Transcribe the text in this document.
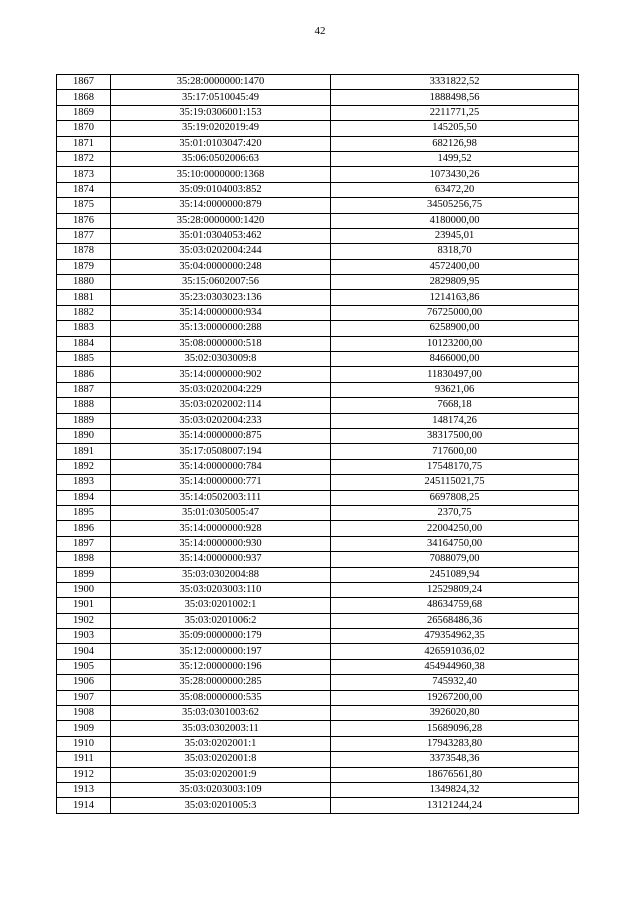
42
1867	35:28:0000000:1470	3331822,52
1868	35:17:0510045:49	1888498,56
1869	35:19:0306001:153	2211771,25
1870	35:19:0202019:49	145205,50
1871	35:01:0103047:420	682126,98
1872	35:06:0502006:63	1499,52
1873	35:10:0000000:1368	1073430,26
1874	35:09:0104003:852	63472,20
1875	35:14:0000000:879	34505256,75
1876	35:28:0000000:1420	4180000,00
1877	35:01:0304053:462	23945,01
1878	35:03:0202004:244	8318,70
1879	35:04:0000000:248	4572400,00
1880	35:15:0602007:56	2829809,95
1881	35:23:0303023:136	1214163,86
1882	35:14:0000000:934	76725000,00
1883	35:13:0000000:288	6258900,00
1884	35:08:0000000:518	10123200,00
1885	35:02:0303009:8	8466000,00
1886	35:14:0000000:902	11830497,00
1887	35:03:0202004:229	93621,06
1888	35:03:0202002:114	7668,18
1889	35:03:0202004:233	148174,26
1890	35:14:0000000:875	38317500,00
1891	35:17:0508007:194	717600,00
1892	35:14:0000000:784	17548170,75
1893	35:14:0000000:771	245115021,75
1894	35:14:0502003:111	6697808,25
1895	35:01:0305005:47	2370,75
1896	35:14:0000000:928	22004250,00
1897	35:14:0000000:930	34164750,00
1898	35:14:0000000:937	7088079,00
1899	35:03:0302004:88	2451089,94
1900	35:03:0203003:110	12529809,24
1901	35:03:0201002:1	48634759,68
1902	35:03:0201006:2	26568486,36
1903	35:09:0000000:179	479354962,35
1904	35:12:0000000:197	426591036,02
1905	35:12:0000000:196	454944960,38
1906	35:28:0000000:285	745932,40
1907	35:08:0000000:535	19267200,00
1908	35:03:0301003:62	3926020,80
1909	35:03:0302003:11	15689096,28
1910	35:03:0202001:1	17943283,80
1911	35:03:0202001:8	3373548,36
1912	35:03:0202001:9	18676561,80
1913	35:03:0203003:109	1349824,32
1914	35:03:0201005:3	13121244,24
